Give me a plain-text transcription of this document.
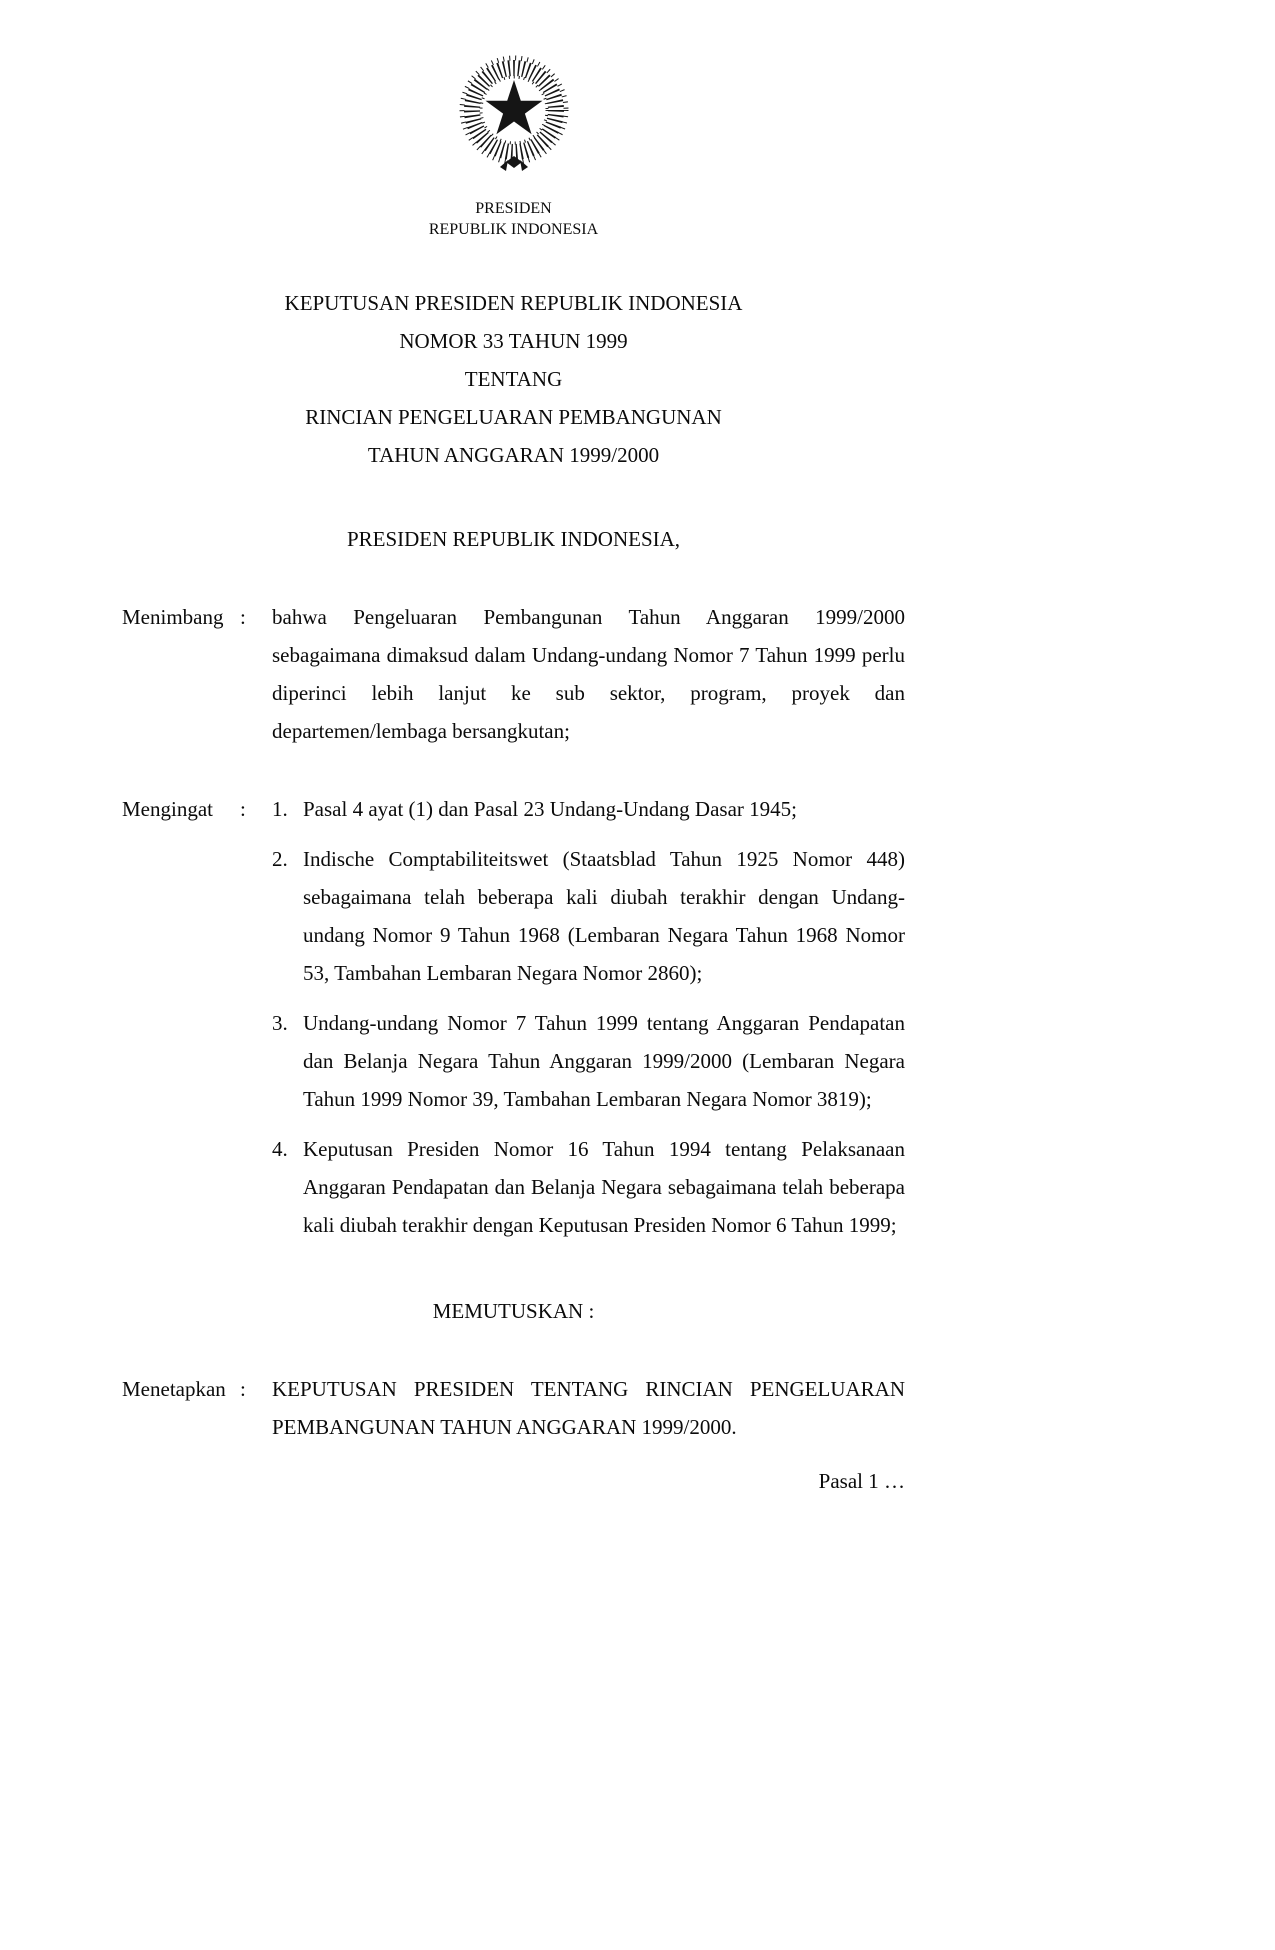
PRESIDEN
REPUBLIK INDONESIA
KEPUTUSAN PRESIDEN REPUBLIK INDONESIA
NOMOR 33 TAHUN 1999
TENTANG
RINCIAN PENGELUARAN PEMBANGUNAN
TAHUN ANGGARAN 1999/2000
PRESIDEN REPUBLIK INDONESIA,
Menimbang :	bahwa Pengeluaran Pembangunan Tahun Anggaran 1999/2000 sebagaimana dimaksud dalam Undang-undang Nomor 7 Tahun 1999 perlu diperinci lebih lanjut ke sub sektor, program, proyek dan departemen/lembaga bersangkutan;
Mengingat	:	1. Pasal 4 ayat (1) dan Pasal 23 Undang-Undang Dasar 1945;
2. Indische Comptabiliteitswet (Staatsblad Tahun 1925 Nomor 448) sebagaimana telah beberapa kali diubah terakhir dengan Undang-undang Nomor 9 Tahun 1968 (Lembaran Negara Tahun 1968 Nomor 53, Tambahan Lembaran Negara Nomor 2860);
3. Undang-undang Nomor 7 Tahun 1999 tentang Anggaran Pendapatan dan Belanja Negara Tahun Anggaran 1999/2000 (Lembaran Negara Tahun 1999 Nomor 39, Tambahan Lembaran Negara Nomor 3819);
4. Keputusan Presiden Nomor 16 Tahun 1994 tentang Pelaksanaan Anggaran Pendapatan dan Belanja Negara sebagaimana telah beberapa kali diubah terakhir dengan Keputusan Presiden Nomor 6 Tahun 1999;
MEMUTUSKAN :
Menetapkan :	KEPUTUSAN PRESIDEN TENTANG RINCIAN PENGELUARAN PEMBANGUNAN TAHUN ANGGARAN 1999/2000.
Pasal 1 …
